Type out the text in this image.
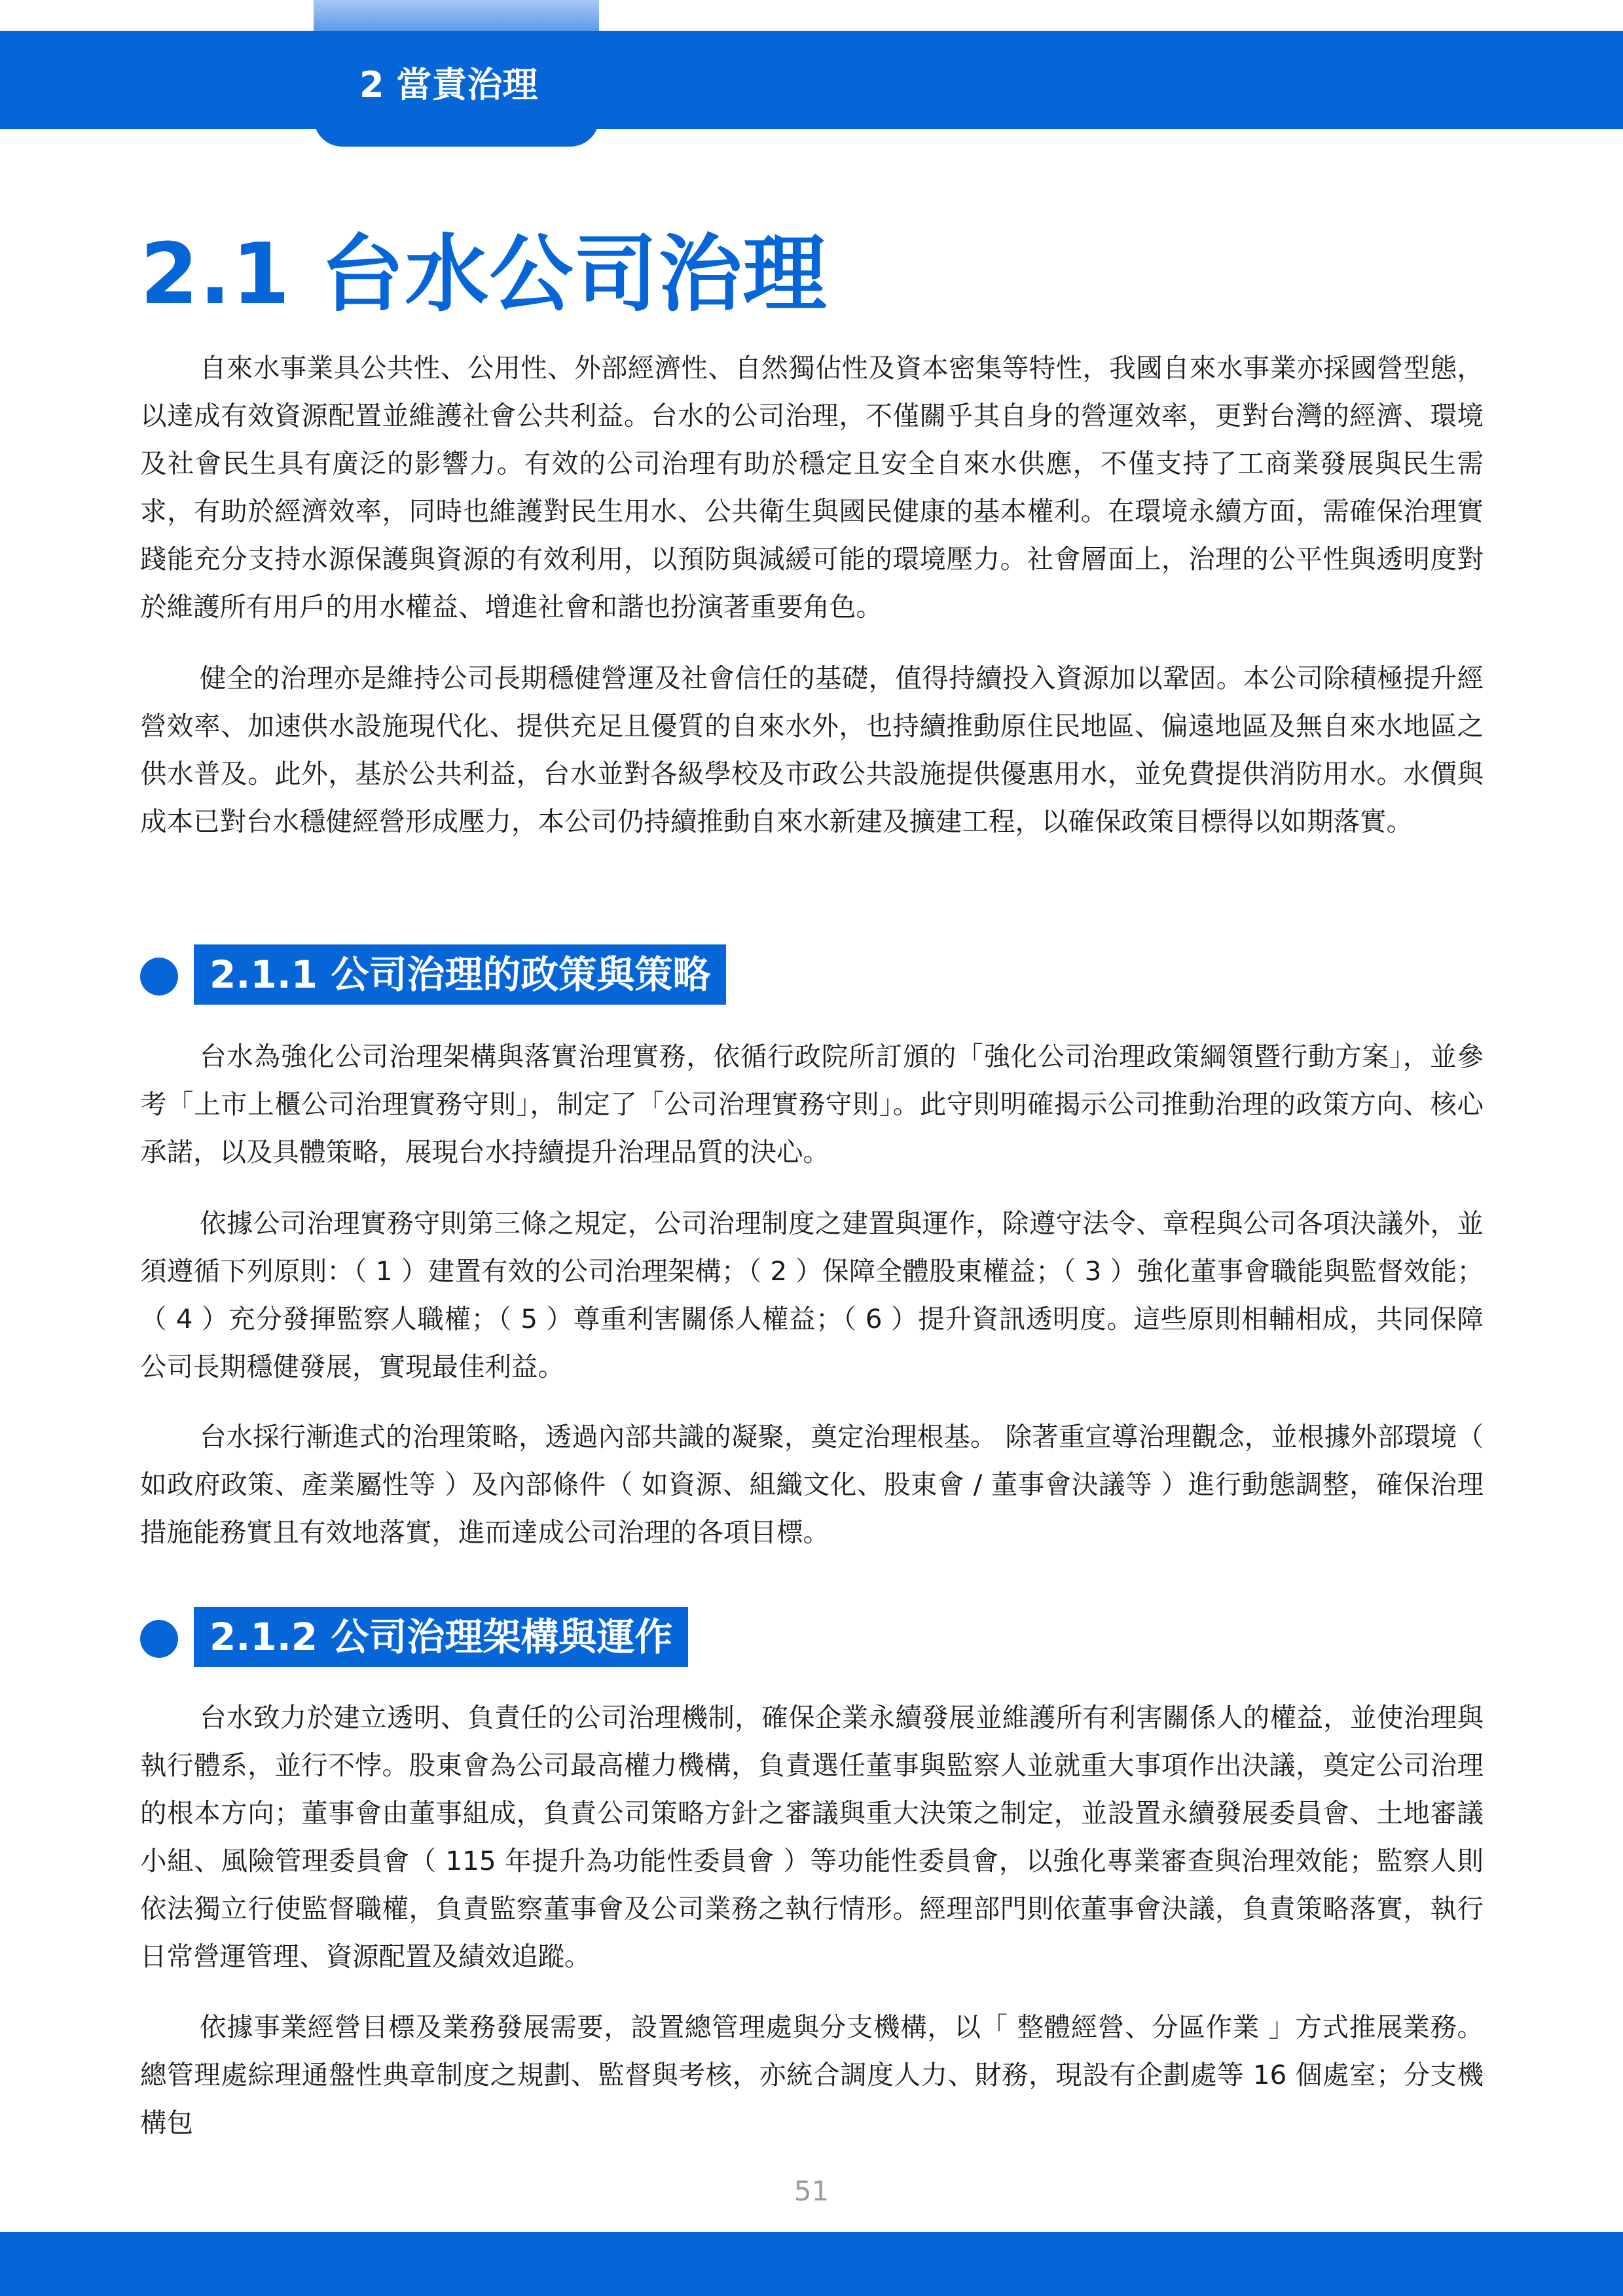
2 當責治理
2.1 台水公司治理

自來水事業具公共性、公用性、外部經濟性、自然獨佔性及資本密集等特性，我國自來水事業亦採國營型態，以達成有效資源配置並維護社會公共利益。台水的公司治理，不僅關乎其自身的營運效率，更對台灣的經濟、環境及社會民生具有廣泛的影響力。有效的公司治理有助於穩定且安全自來水供應，不僅支持了工商業發展與民生需求，有助於經濟效率，同時也維護對民生用水、公共衛生與國民健康的基本權利。在環境永續方面，需確保治理實踐能充分支持水源保護與資源的有效利用，以預防與減緩可能的環境壓力。社會層面上，治理的公平性與透明度對於維護所有用戶的用水權益、增進社會和諧也扮演著重要角色。

健全的治理亦是維持公司長期穩健營運及社會信任的基礎，值得持續投入資源加以鞏固。本公司除積極提升經營效率、加速供水設施現代化、提供充足且優質的自來水外，也持續推動原住民地區、偏遠地區及無自來水地區之供水普及。此外，基於公共利益，台水並對各級學校及市政公共設施提供優惠用水，並免費提供消防用水。水價與成本已對台水穩健經營形成壓力，本公司仍持續推動自來水新建及擴建工程，以確保政策目標得以如期落實。

2.1.1 公司治理的政策與策略

台水為強化公司治理架構與落實治理實務，依循行政院所訂頒的「強化公司治理政策綱領暨行動方案」，並參考「上市上櫃公司治理實務守則」，制定了「公司治理實務守則」。此守則明確揭示公司推動治理的政策方向、核心承諾，以及具體策略，展現台水持續提升治理品質的決心。

依據公司治理實務守則第三條之規定，公司治理制度之建置與運作，除遵守法令、章程與公司各項決議外，並須遵循下列原則：（ 1 ）建置有效的公司治理架構；（ 2 ）保障全體股東權益；（ 3 ）強化董事會職能與監督效能；（ 4 ）充分發揮監察人職權；（ 5 ）尊重利害關係人權益；（ 6 ）提升資訊透明度。這些原則相輔相成，共同保障公司長期穩健發展，實現最佳利益。

台水採行漸進式的治理策略，透過內部共識的凝聚，奠定治理根基。 除著重宣導治理觀念，並根據外部環境（ 如政府政策、產業屬性等 ）及內部條件（ 如資源、組織文化、股東會 / 董事會決議等 ）進行動態調整，確保治理措施能務實且有效地落實，進而達成公司治理的各項目標。

2.1.2 公司治理架構與運作

台水致力於建立透明、負責任的公司治理機制，確保企業永續發展並維護所有利害關係人的權益，並使治理與執行體系，並行不悖。股東會為公司最高權力機構，負責選任董事與監察人並就重大事項作出決議，奠定公司治理的根本方向；董事會由董事組成，負責公司策略方針之審議與重大決策之制定，並設置永續發展委員會、土地審議小組、風險管理委員會（ 115 年提升為功能性委員會 ）等功能性委員會，以強化專業審查與治理效能；監察人則依法獨立行使監督職權，負責監察董事會及公司業務之執行情形。經理部門則依董事會決議，負責策略落實，執行日常營運管理、資源配置及績效追蹤。

依據事業經營目標及業務發展需要，設置總管理處與分支機構，以「 整體經營、分區作業 」方式推展業務。總管理處綜理通盤性典章制度之規劃、監督與考核，亦統合調度人力、財務，現設有企劃處等 16 個處室；分支機構包

51
